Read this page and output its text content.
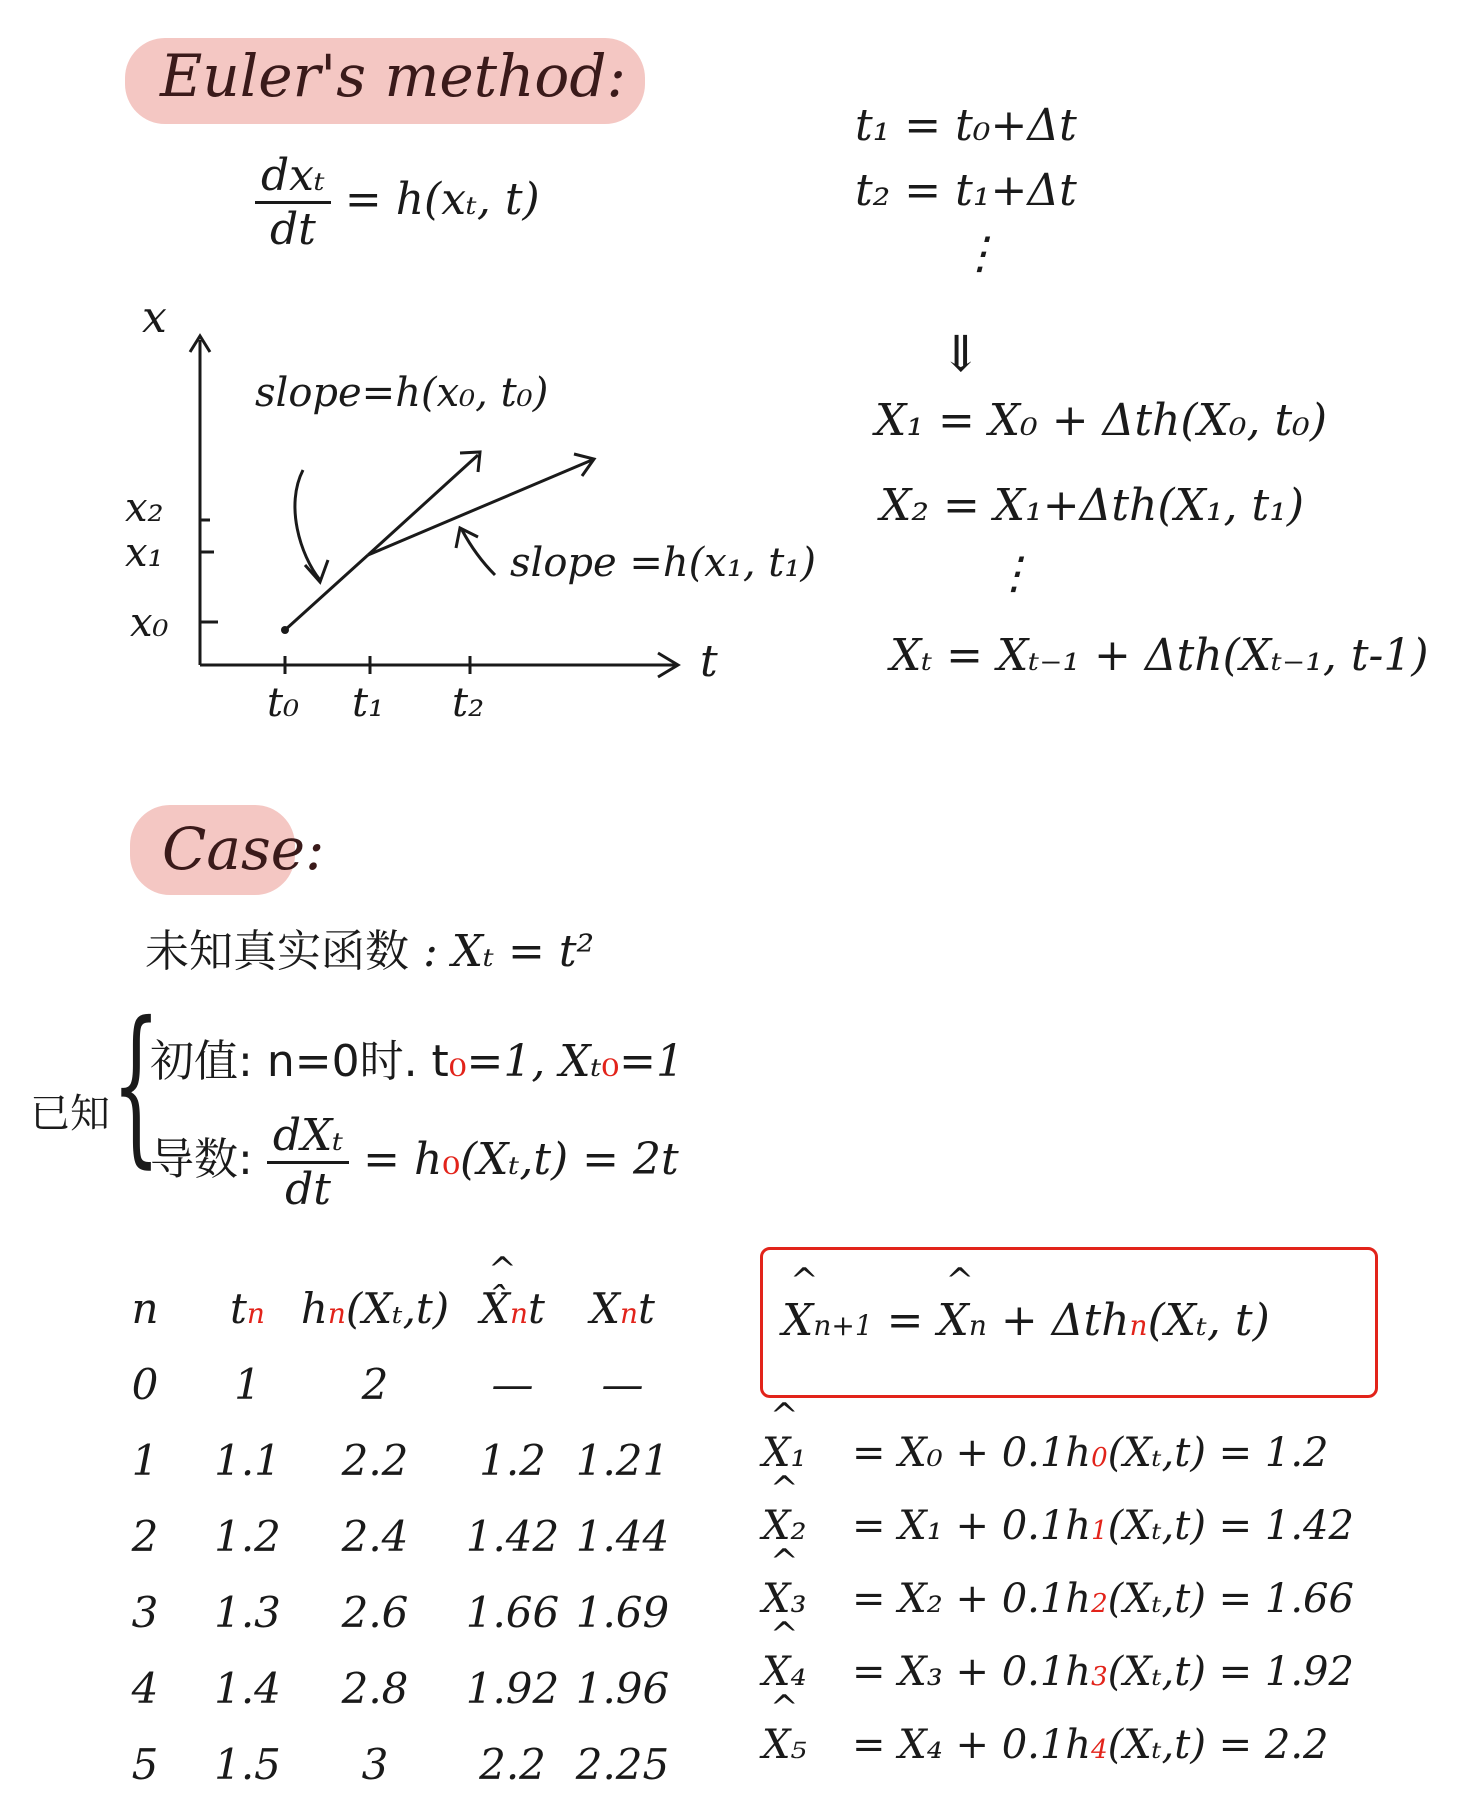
Euler's method:
$\frac{\text{dxₜ}}{dt} = h(x_t$, t)
x
t
t₀ t₁ t₂
x₀
x₁
x₂
slope=h(x₀, t₀)
slope =h(x₁, t₁)
t₁ = t₀+Δt
t₂ = t₁+Δt
⋮
⇓
X₁ = X₀ + Δth(X₀, t₀)
X₂ = X₁+Δth(X₁, t₁)
⋮
Xₜ = Xₜ₋₁ + Δth(Xₜ₋₁, t-1)
Case:
未知真实函数 : Xₜ = t²
已知 {
初值: n=0时. t₀=1, Xₜ₀=1
导数: $\frac{\text{dXₜ}}{dt} = h_0(X_t,t) = 2t$
n	tn	hn(Xₜ,t)	^ X̂nt	Xnt
0	1	2	—	—
1	1.1	2.2	1.2	1.21
2	1.2	2.4	1.42	1.44
3	1.3	2.6	1.66	1.69
4	1.4	2.8	1.92	1.96
5	1.5	3	2.2	2.25
^ Xn+1 = ^ Xn + Δthn(Xₜ, t)
^ X₁ = X₀ + 0.1h0(Xₜ,t) = 1.2
^ X₂ = X₁ + 0.1h1(Xₜ,t) = 1.42
^ X₃ = X₂ + 0.1h2(Xₜ,t) = 1.66
^ X₄ = X₃ + 0.1h3(Xₜ,t) = 1.92
^ X₅ = X₄ + 0.1h4(Xₜ,t) = 2.2
